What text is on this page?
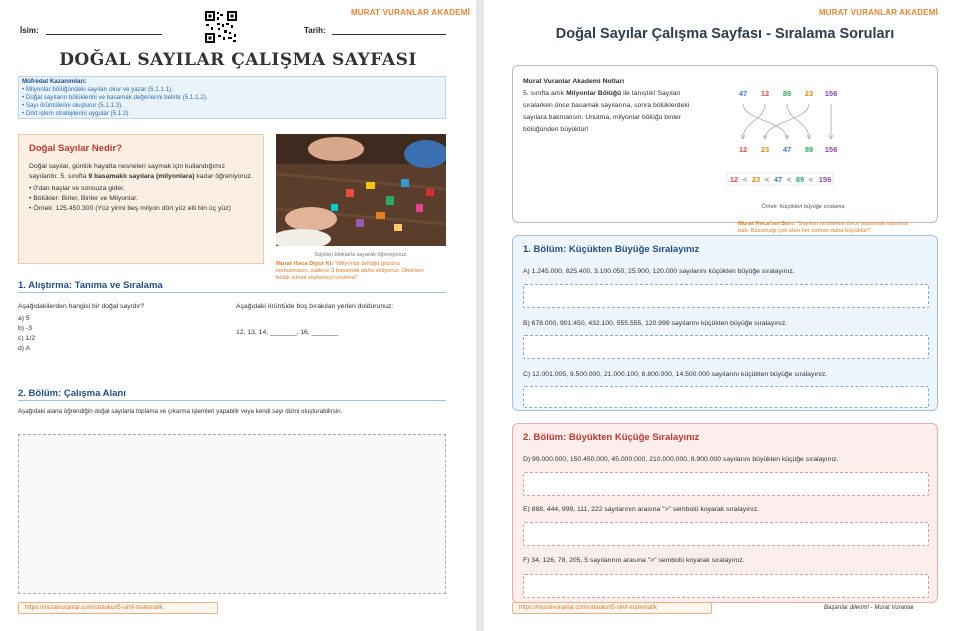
MURAT VURANLAR AKADEMİ
İsim:	Tarih:
DOĞAL SAYILAR ÇALIŞMA SAYFASI
Müfredat Kazanımları:
• Milyonlar bölüğündeki sayıları okur ve yazar (5.1.1.1).
• Doğal sayıların bölüklerini ve basamak değerlerini belirtir (5.1.1.2).
• Sayı örüntülerini oluşturur (5.1.1.3).
• Dört işlem stratejilerini uygular (5.1.2).
Doğal Sayılar Nedir?
Doğal sayılar, günlük hayatta nesneleri saymak için kullandığımız sayılardır. 5. sınıfta 9 basamaklı sayılara (milyonlara) kadar öğreniyoruz.
• 0'dan başlar ve sonsuza gider.
• Bölükler: Birler, Binler ve Milyonlar.
• Örnek: 125.450.300 (Yüz yirmi beş milyon dört yüz elli bin üç yüz)
Sayıları bloklarla sayarak öğreniyoruz.
Murat Hoca Diyor Ki: "Milyonlar bölüğü gözünü korkutmasın, sadece 3 basamak daha ekliyoruz. Okurken bölük ismini söylemeyi unutma!"
1. Alıştırma: Tanıma ve Sıralama
Aşağıdakilerden hangisi bir doğal sayıdır?
a) 5
b) -3
c) 1/2
d) A
Aşağıdaki örüntüde boş bırakılan yerleri doldurunuz:
12, 13, 14, _______, 16, _______
2. Bölüm: Çalışma Alanı
Aşağıdaki alana öğrendiğin doğal sayılarla toplama ve çıkarma işlemleri yapabilir veya kendi sayı dizini oluşturabilirsin.
https://muratvuranlar.com/ortaokul/5-sinif-matematik
MURAT VURANLAR AKADEMİ
Doğal Sayılar Çalışma Sayfası - Sıralama Soruları
Murat Vuranlar Akademi Notları
5. sınıfta artık Milyonlar Bölüğü ile tanıştık! Sayıları sıralarken önce basamak sayılarına, sonra bölüklerdeki sayılara bakmalısın. Unutma, milyonlar bölüğü binler bölüğünden büyüktür!
47 12 89 23 156
12 23 47 89 156
12 < 23 < 47 < 89 < 156
Örnek: Küçükten büyüğe sıralama
Murat Hoca'nın Sırrı: "Sayıları sıralarken önce basamak sayısına bak. Basamağı çok olan her zaman daha büyüktür!"
1. Bölüm: Küçükten Büyüğe Sıralayınız
A) 1.245.000, 825.400, 3.100.050, 25.900, 120.000 sayılarını küçükten büyüğe sıralayınız.
B) 678.000, 901.450, 432.100, 555.555, 120.999 sayılarını küçükten büyüğe sıralayınız.
C) 12.001.005, 9.500.000, 21.000.100, 8.800.000, 14.500.000 sayılarını küçükten büyüğe sıralayınız.
2. Bölüm: Büyükten Küçüğe Sıralayınız
D) 99.000.000, 150.450.000, 45.000.000, 210.000.000, 8.900.000 sayılarını büyükten küçüğe sıralayınız.
E) 888, 444, 999, 111, 222 sayılarının arasına ">" sembolü koyarak sıralayınız.
F) 34, 126, 78, 205, 5 sayılarının arasına ">" sembolü koyarak sıralayınız.
https://muratvuranlar.com/ortaokul/5-sinif-matematik	Başarılar dilerim! - Murat Vuranlar
